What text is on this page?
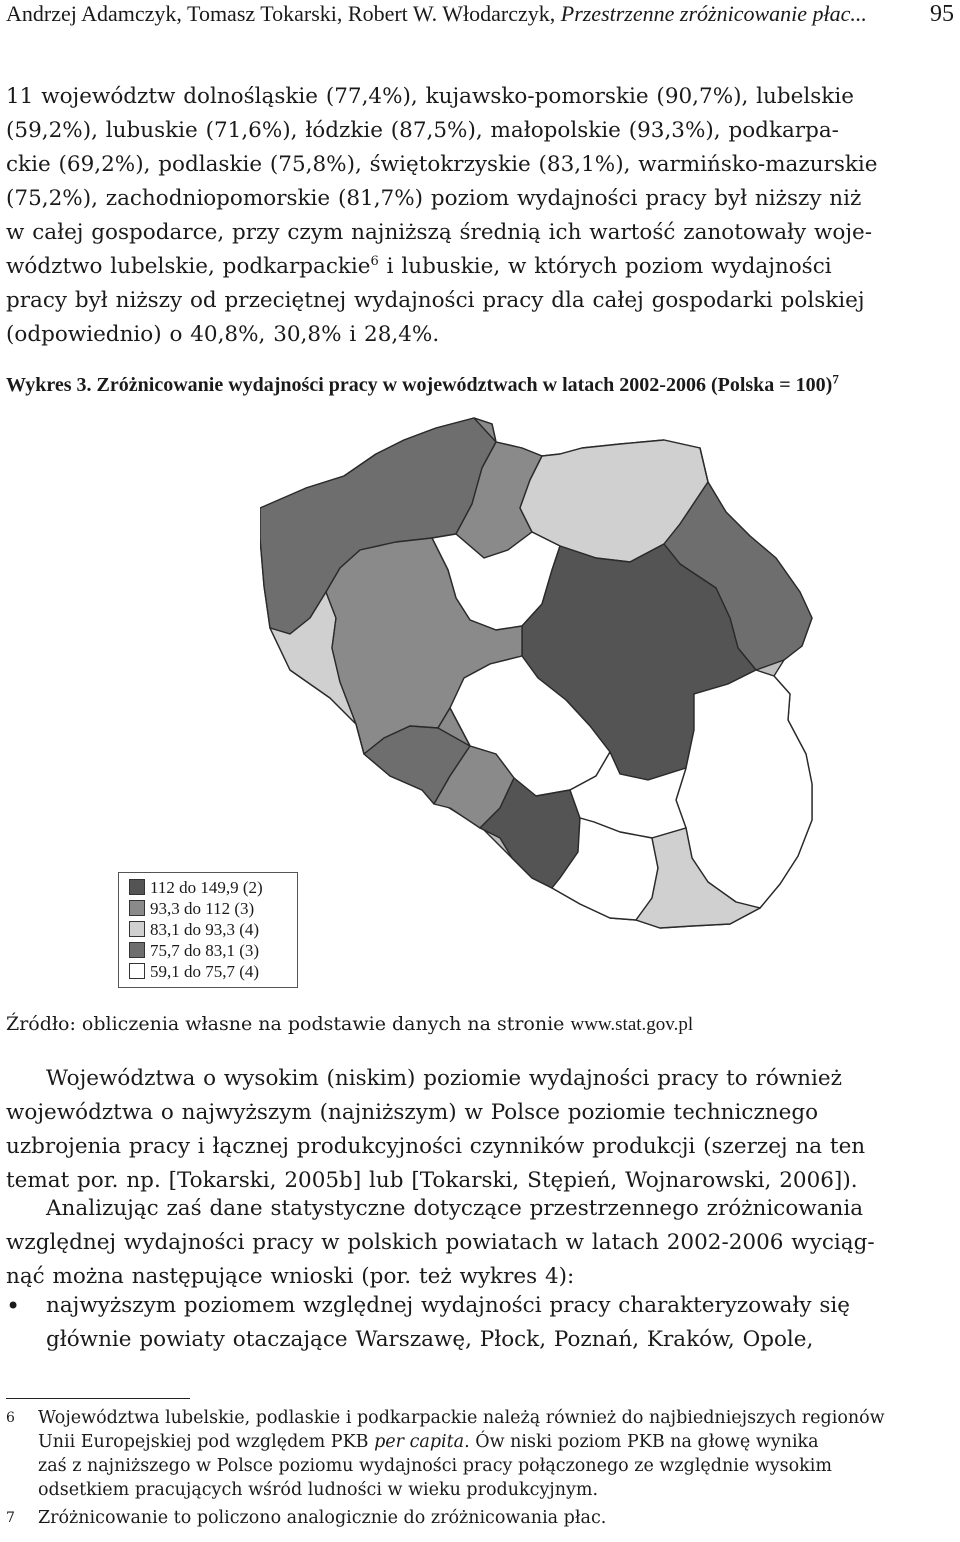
Andrzej Adamczyk, Tomasz Tokarski, Robert W. Włodarczyk, Przestrzenne zróżnicowanie płac...	95
11 województw dolnośląskie (77,4%), kujawsko-pomorskie (90,7%), lubelskie
(59,2%), lubuskie (71,6%), łódzkie (87,5%), małopolskie (93,3%), podkarpa-
ckie (69,2%), podlaskie (75,8%), świętokrzyskie (83,1%), warmińsko-mazurskie
(75,2%), zachodniopomorskie (81,7%) poziom wydajności pracy był niższy niż
w całej gospodarce, przy czym najniższą średnią ich wartość zanotowały woje-
wództwo lubelskie, podkarpackie$^6$ i lubuskie, w których poziom wydajności
pracy był niższy od przeciętnej wydajności pracy dla całej gospodarki polskiej
(odpowiednio) o 40,8%, 30,8% i 28,4%.
Wykres 3. Zróżnicowanie wydajności pracy w województwach w latach 2002-2006 (Polska = 100)$^7$
112 do 149,9 (2)
93,3 do 112 (3)
83,1 do 93,3 (4)
75,7 do 83,1 (3)
59,1 do 75,7 (4)
Źródło: obliczenia własne na podstawie danych na stronie www.stat.gov.pl
Województwa o wysokim (niskim) poziomie wydajności pracy to również
województwa o najwyższym (najniższym) w Polsce poziomie technicznego
uzbrojenia pracy i łącznej produkcyjności czynników produkcji (szerzej na ten
temat por. np. [Tokarski, 2005b] lub [Tokarski, Stępień, Wojnarowski, 2006]).
Analizując zaś dane statystyczne dotyczące przestrzennego zróżnicowania
względnej wydajności pracy w polskich powiatach w latach 2002-2006 wyciąg-
nąć można następujące wnioski (por. też wykres 4):
• najwyższym poziomem względnej wydajności pracy charakteryzowały się
głównie powiaty otaczające Warszawę, Płock, Poznań, Kraków, Opole,
6 Województwa lubelskie, podlaskie i podkarpackie należą również do najbiedniejszych regionów
Unii Europejskiej pod względem PKB per capita. Ów niski poziom PKB na głowę wynika
zaś z najniższego w Polsce poziomu wydajności pracy połączonego ze względnie wysokim
odsetkiem pracujących wśród ludności w wieku produkcyjnym.
7 Zróżnicowanie to policzono analogicznie do zróżnicowania płac.
